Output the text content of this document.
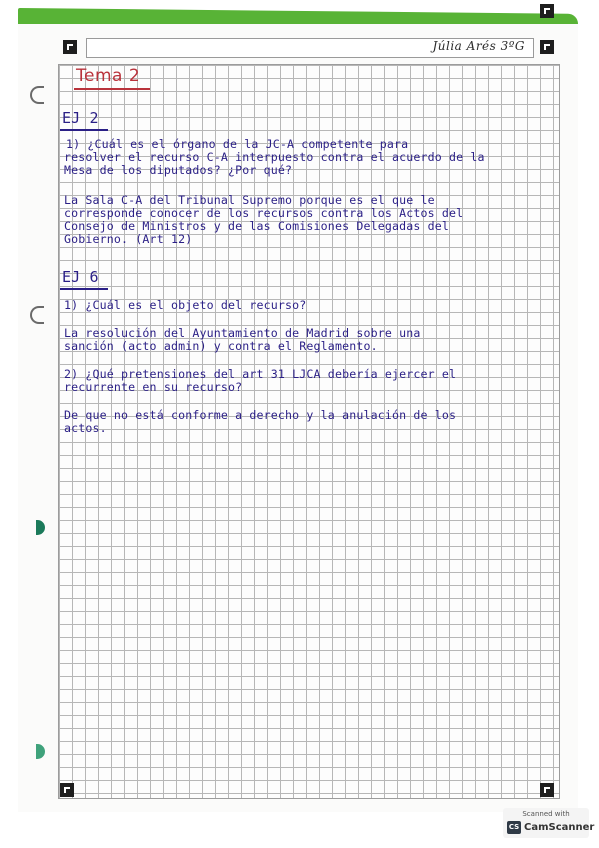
Júlia Arés 3ºG
Tema 2
EJ 2
1) ¿Cuál es el órgano de la JC-A competente para
resolver el recurso C-A interpuesto contra el acuerdo de la
Mesa de los diputados? ¿Por qué?
La Sala C-A del Tribunal Supremo porque es el que le
corresponde conocer de los recursos contra los Actos del
Consejo de Ministros y de las Comisiones Delegadas del
Gobierno. (Art 12)
EJ 6
1) ¿Cuál es el objeto del recurso?
La resolución del Ayuntamiento de Madrid sobre una
sanción (acto admin) y contra el Reglamento.
2) ¿Qué pretensiones del art 31 LJCA debería ejercer el
recurrente en su recurso?
De que no está conforme a derecho y la anulación de los
actos.
Scanned with
CS CamScanner
